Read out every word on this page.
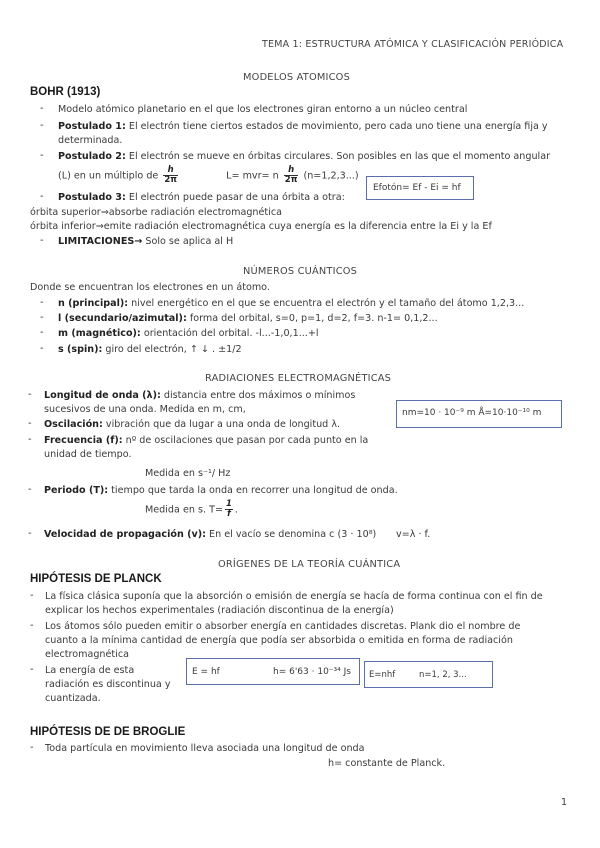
TEMA 1: ESTRUCTURA ATÓMICA Y CLASIFICACIÓN PERIÓDICA
MODELOS ATOMICOS
BOHR (1913)
- Modelo atómico planetario en el que los electrones giran entorno a un núcleo central
- Postulado 1: El electrón tiene ciertos estados de movimiento, pero cada uno tiene una energía fija y
determinada.
- Postulado 2: El electrón se mueve en órbitas circulares. Son posibles en las que el momento angular
(L) en un múltiplo de $\frac{h}{2\pi}$	L= mvr= n $\frac{h}{2\pi} (n=1,2,3...)$
- Postulado 3: El electrón puede pasar de una órbita a otra:
Efotón= Ef - Ei = hf
órbita superior⇒absorbe radiación electromagnética
órbita inferior⇒emite radiación electromagnética cuya energía es la diferencia entre la Ei y la Ef
- LIMITACIONES→ Solo se aplica al H
NÚMEROS CUÁNTICOS
Donde se encuentran los electrones en un átomo.
- n (principal): nivel energético en el que se encuentra el electrón y el tamaño del átomo 1,2,3...
- l (secundario/azimutal): forma del orbital, s=0, p=1, d=2, f=3. n-1= 0,1,2...
- m (magnético): orientación del orbital. -l...-1,0,1...+l
- s (spin): giro del electrón, ↑ ↓ . ±1/2
RADIACIONES ELECTROMAGNÉTICAS
- Longitud de onda (λ): distancia entre dos máximos o mínimos
sucesivos de una onda. Medida en m, cm,	nm=10 · 10⁻⁹ m Å=10·10⁻¹⁰ m
- Oscilación: vibración que da lugar a una onda de longitud λ.
- Frecuencia (f): nº de oscilaciones que pasan por cada punto en la
unidad de tiempo.
Medida en s⁻¹/ Hz
- Periodo (T): tiempo que tarda la onda en recorrer una longitud de onda.
Medida en s. $T= \frac{1}{f}$ .
- Velocidad de propagación (v): En el vacío se denomina c (3 · 10⁸) v=λ · f.
ORÍGENES DE LA TEORÍA CUÁNTICA
HIPÓTESIS DE PLANCK
- La física clásica suponía que la absorción o emisión de energía se hacía de forma continua con el fin de
explicar los hechos experimentales (radiación discontinua de la energía)
- Los átomos sólo pueden emitir o absorber energía en cantidades discretas. Plank dio el nombre de
cuanto a la mínima cantidad de energía que podía ser absorbida o emitida en forma de radiación
electromagnética
- La energía de esta
radiación es discontinua y
cuantizada.
E = hf	h= 6'63 · 10⁻³⁴ Js E=nhf	n=1, 2, 3...
HIPÓTESIS DE DE BROGLIE
- Toda partícula en movimiento lleva asociada una longitud de onda
h= constante de Planck.
1
